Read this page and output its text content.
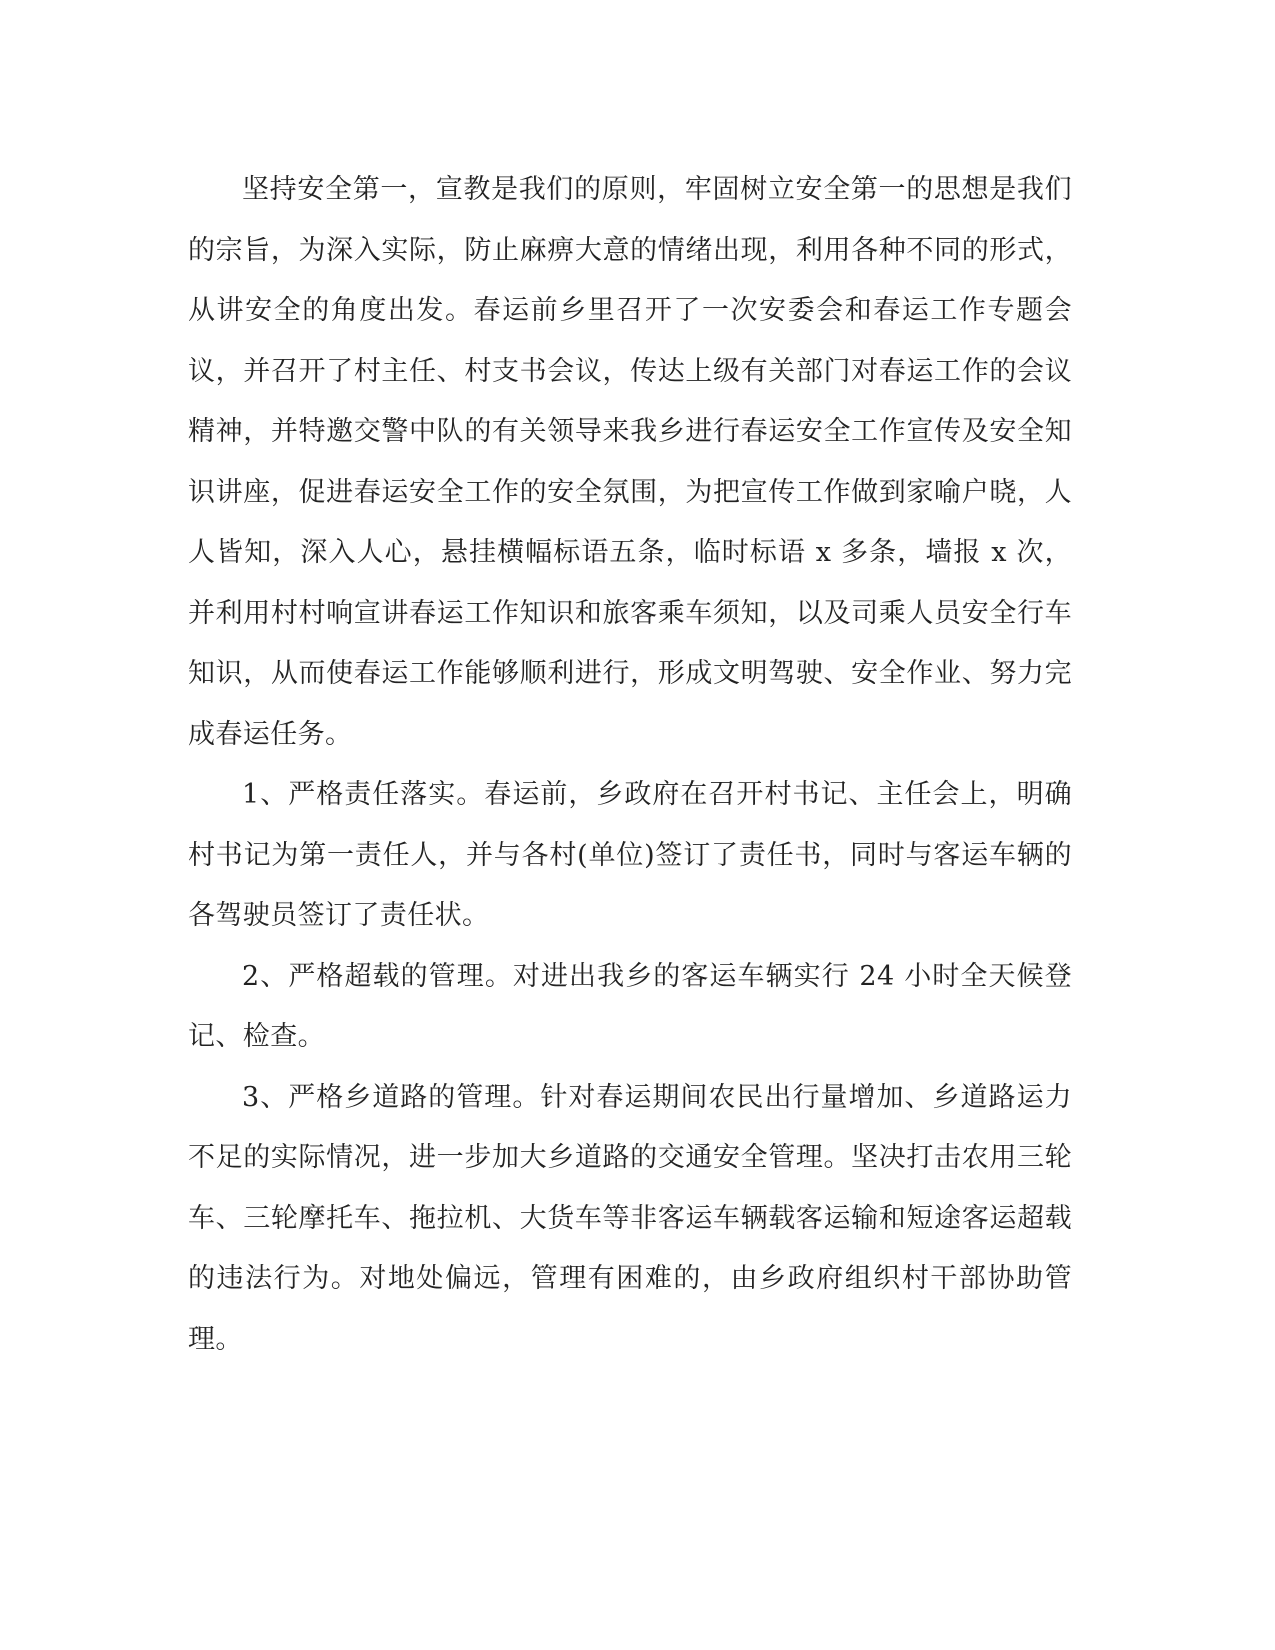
坚持安全第一，宣教是我们的原则，牢固树立安全第一的思想是我们的宗旨，为深入实际，防止麻痹大意的情绪出现，利用各种不同的形式，从讲安全的角度出发。春运前乡里召开了一次安委会和春运工作专题会议，并召开了村主任、村支书会议，传达上级有关部门对春运工作的会议精神，并特邀交警中队的有关领导来我乡进行春运安全工作宣传及安全知识讲座，促进春运安全工作的安全氛围，为把宣传工作做到家喻户晓，人人皆知，深入人心，悬挂横幅标语五条，临时标语 x 多条，墙报 x 次，并利用村村响宣讲春运工作知识和旅客乘车须知，以及司乘人员安全行车知识，从而使春运工作能够顺利进行，形成文明驾驶、安全作业、努力完成春运任务。

1、严格责任落实。春运前，乡政府在召开村书记、主任会上，明确村书记为第一责任人，并与各村(单位)签订了责任书，同时与客运车辆的各驾驶员签订了责任状。

2、严格超载的管理。对进出我乡的客运车辆实行 24 小时全天候登记、检查。

3、严格乡道路的管理。针对春运期间农民出行量增加、乡道路运力不足的实际情况，进一步加大乡道路的交通安全管理。坚决打击农用三轮车、三轮摩托车、拖拉机、大货车等非客运车辆载客运输和短途客运超载的违法行为。对地处偏远，管理有困难的，由乡政府组织村干部协助管理。
